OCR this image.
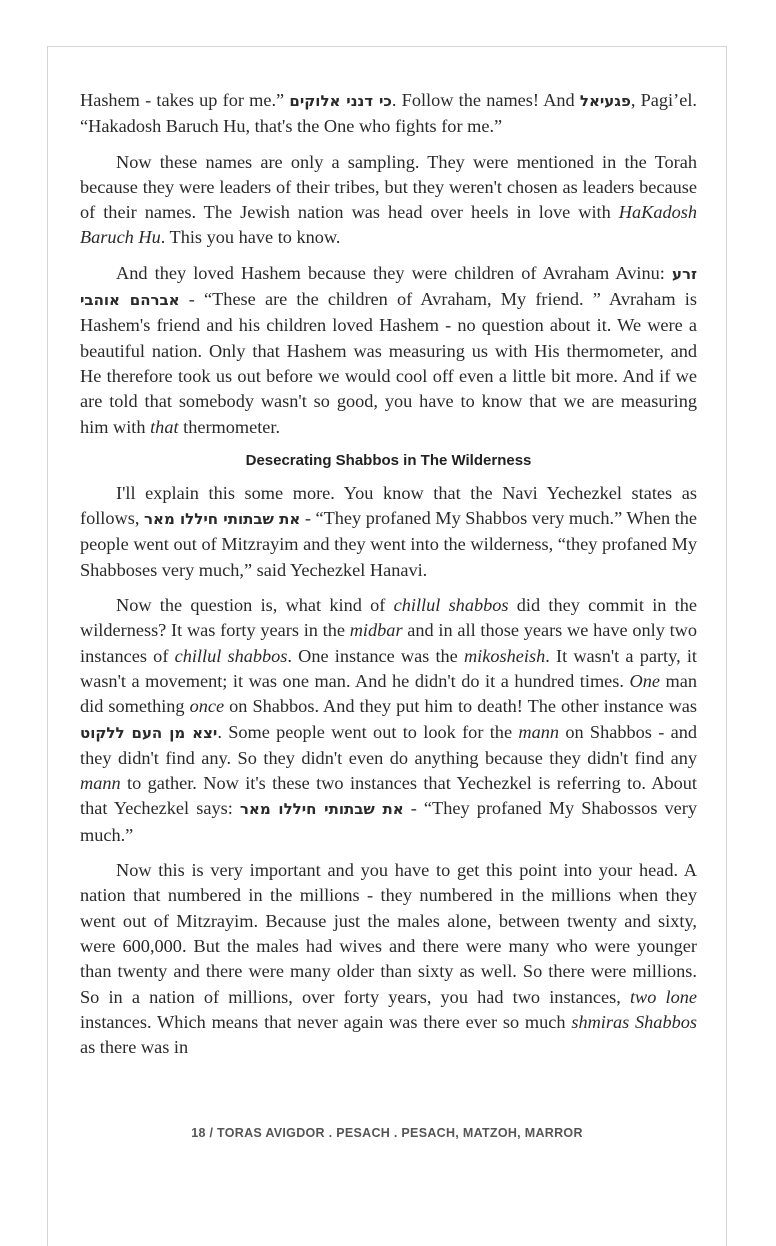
Hashem - takes up for me.” כי דנני אלוקים. Follow the names! And פגעיאל, Pagi’el. “Hakadosh Baruch Hu, that's the One who fights for me.”

Now these names are only a sampling. They were mentioned in the Torah because they were leaders of their tribes, but they weren't chosen as leaders because of their names. The Jewish nation was head over heels in love with HaKadosh Baruch Hu. This you have to know.

And they loved Hashem because they were children of Avraham Avinu: זרע אברהם אוהבי - “These are the children of Avraham, My friend. ” Avraham is Hashem's friend and his children loved Hashem - no question about it. We were a beautiful nation. Only that Hashem was measuring us with His thermometer, and He therefore took us out before we would cool off even a little bit more. And if we are told that somebody wasn't so good, you have to know that we are measuring him with that thermometer.

Desecrating Shabbos in The Wilderness

I'll explain this some more. You know that the Navi Yechezkel states as follows, את שבתותי חיללו מאר - “They profaned My Shabbos very much.” When the people went out of Mitzrayim and they went into the wilderness, “they profaned My Shabboses very much,” said Yechezkel Hanavi.

Now the question is, what kind of chillul shabbos did they commit in the wilderness? It was forty years in the midbar and in all those years we have only two instances of chillul shabbos. One instance was the mikosheish. It wasn't a party, it wasn't a movement; it was one man. And he didn't do it a hundred times. One man did something once on Shabbos. And they put him to death! The other instance was יצא מן העם ללקוט. Some people went out to look for the mann on Shabbos - and they didn't find any. So they didn't even do anything because they didn't find any mann to gather. Now it's these two instances that Yechezkel is referring to. About that Yechezkel says: את שבתותי חיללו מאר - “They profaned My Shabossos very much.”

Now this is very important and you have to get this point into your head. A nation that numbered in the millions - they numbered in the millions when they went out of Mitzrayim. Because just the males alone, between twenty and sixty, were 600,000. But the males had wives and there were many who were younger than twenty and there were many older than sixty as well. So there were millions. So in a nation of millions, over forty years, you had two instances, two lone instances. Which means that never again was there ever so much shmiras Shabbos as there was in

18 / TORAS AVIGDOR . PESACH . PESACH, MATZOH, MARROR
